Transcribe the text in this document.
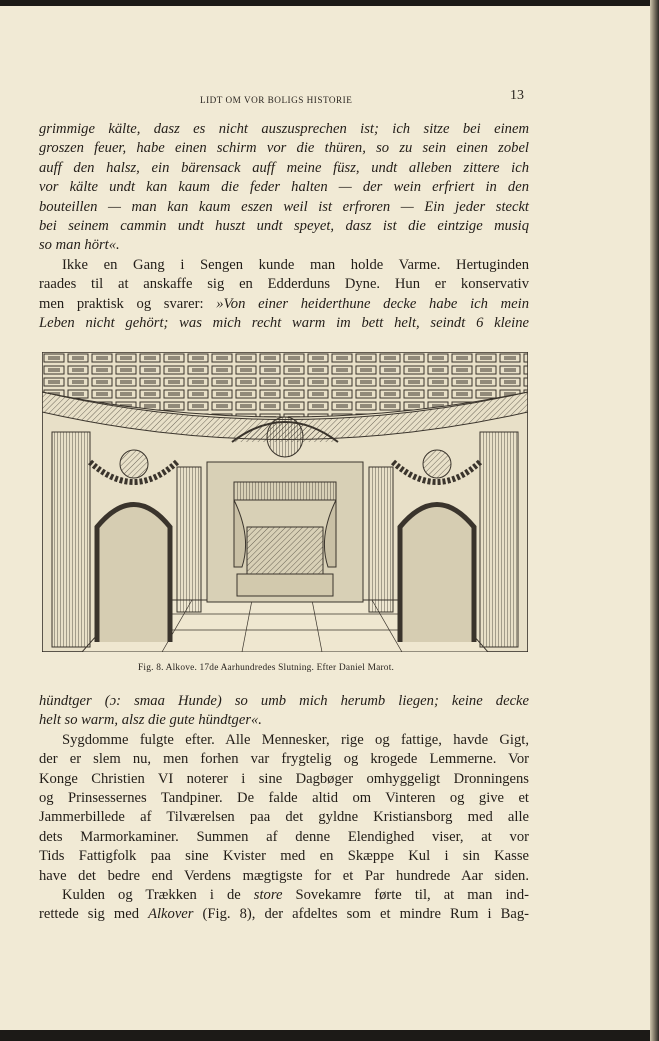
LIDT OM VOR BOLIGS HISTORIE	13
grimmige kälte, dasz es nicht auszusprechen ist; ich sitze bei einem
groszen feuer, habe einen schirm vor die thüren, so zu sein einen zobel
auff den halsz, ein bärensack auff meine füsz, undt alleben zittere ich
vor kälte undt kan kaum die feder halten — der wein erfriert in den
bouteillen — man kan kaum eszen weil ist erfroren — Ein jeder steckt
bei seinem cammin undt huszt undt speyet, dasz ist die eintzige musiq
so man hört«.
Ikke en Gang i Sengen kunde man holde Varme. Hertuginden
raades til at anskaffe sig en Edderduns Dyne. Hun er konservativ
men praktisk og svarer: »Von einer heiderthune decke habe ich mein
Leben nicht gehört; was mich recht warm im bett helt, seindt 6 kleine
Fig. 8. Alkove. 17de Aarhundredes Slutning. Efter Daniel Marot.
hündtger (ɔ: smaa Hunde) so umb mich herumb liegen; keine decke
helt so warm, alsz die gute hündtger«.
Sygdomme fulgte efter. Alle Mennesker, rige og fattige, havde Gigt,
der er slem nu, men forhen var frygtelig og krogede Lemmerne. Vor
Konge Christien VI noterer i sine Dagbøger omhyggeligt Dronningens
og Prinsessernes Tandpiner. De falde altid om Vinteren og give et
Jammerbillede af Tilværelsen paa det gyldne Kristiansborg med alle
dets Marmorkaminer. Summen af denne Elendighed viser, at vor
Tids Fattigfolk paa sine Kvister med en Skæppe Kul i sin Kasse
have det bedre end Verdens mægtigste for et Par hundrede Aar siden.
Kulden og Trækken i de store Sovekamre førte til, at man ind-
rettede sig med Alkover (Fig. 8), der afdeltes som et mindre Rum i Bag-
